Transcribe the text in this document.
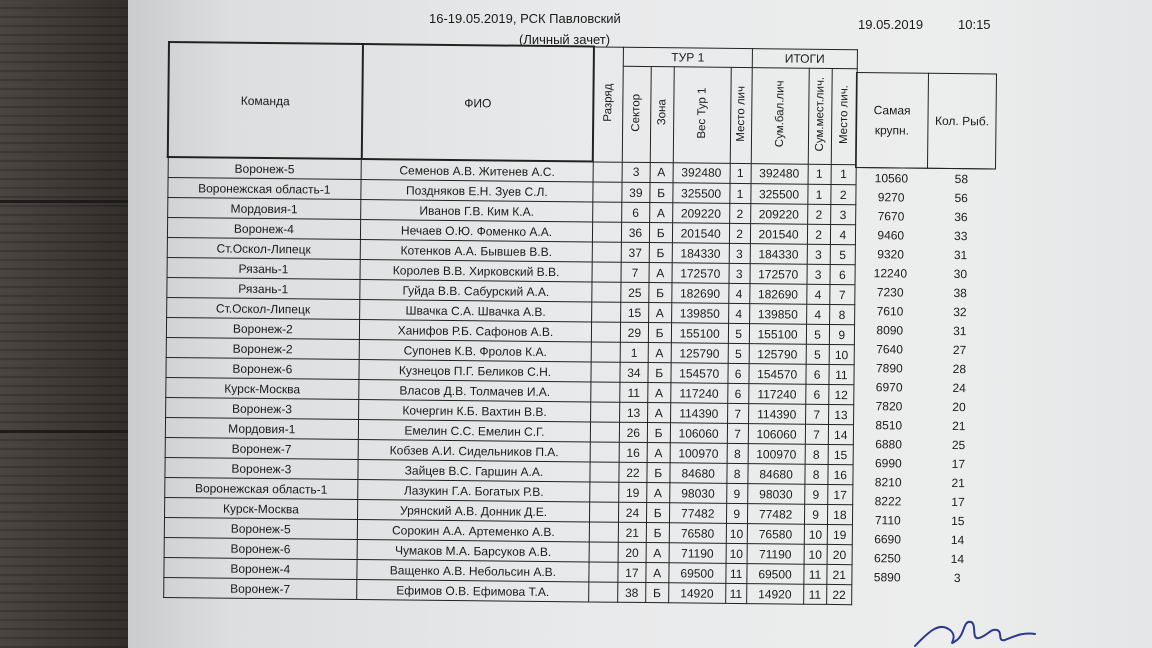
16-19.05.2019, РСК Павловский
(Личный зачет)
19.05.2019	10:15
Команда	ФИО	Разряд	ТУР 1				ИТОГИ		
			Сектор	Зона	Вес Тур 1	Место лич	Сум.бал.лич	Сум.мест.лич.	Место лич.
Воронеж-5	Семенов А.В. Житенев А.С.		3	А	392480	1	392480	1	1
Воронежская область-1	Поздняков Е.Н. Зуев С.Л.		39	Б	325500	1	325500	1	2
Мордовия-1	Иванов Г.В. Ким К.А.		6	А	209220	2	209220	2	3
Воронеж-4	Нечаев О.Ю. Фоменко А.А.		36	Б	201540	2	201540	2	4
Ст.Оскол-Липецк	Котенков А.А. Бывшев В.В.		37	Б	184330	3	184330	3	5
Рязань-1	Королев В.В. Хирковский В.В.		7	А	172570	3	172570	3	6
Рязань-1	Гуйда В.В. Сабурский А.А.		25	Б	182690	4	182690	4	7
Ст.Оскол-Липецк	Швачка С.А. Швачка А.В.		15	А	139850	4	139850	4	8
Воронеж-2	Ханифов Р.Б. Сафонов А.В.		29	Б	155100	5	155100	5	9
Воронеж-2	Супонев К.В. Фролов К.А.		1	А	125790	5	125790	5	10
Воронеж-6	Кузнецов П.Г. Беликов С.Н.		34	Б	154570	6	154570	6	11
Курск-Москва	Власов Д.В. Толмачев И.А.		11	А	117240	6	117240	6	12
Воронеж-3	Кочергин К.Б. Вахтин В.В.		13	А	114390	7	114390	7	13
Мордовия-1	Емелин С.С. Емелин С.Г.		26	Б	106060	7	106060	7	14
Воронеж-7	Кобзев А.И. Сидельников П.А.		16	А	100970	8	100970	8	15
Воронеж-3	Зайцев В.С. Гаршин А.А.		22	Б	84680	8	84680	8	16
Воронежская область-1	Лазукин Г.А. Богатых Р.В.		19	А	98030	9	98030	9	17
Курск-Москва	Урянский А.В. Донник Д.Е.		24	Б	77482	9	77482	9	18
Воронеж-5	Сорокин А.А. Артеменко А.В.		21	Б	76580	10	76580	10	19
Воронеж-6	Чумаков М.А. Барсуков А.В.		20	А	71190	10	71190	10	20
Воронеж-4	Ващенко А.В. Небольсин А.В.		17	А	69500	11	69500	11	21
Воронеж-7	Ефимов О.В. Ефимова Т.А.		38	Б	14920	11	14920	11	22
Самая крупн.	Кол. Рыб.
10560	58
9270	56
7670	36
9460	33
9320	31
12240	30
7230	38
7610	32
8090	31
7640	27
7890	28
6970	24
7820	20
8510	21
6880	25
6990	17
8210	21
8222	17
7110	15
6690	14
6250	14
5890	3
